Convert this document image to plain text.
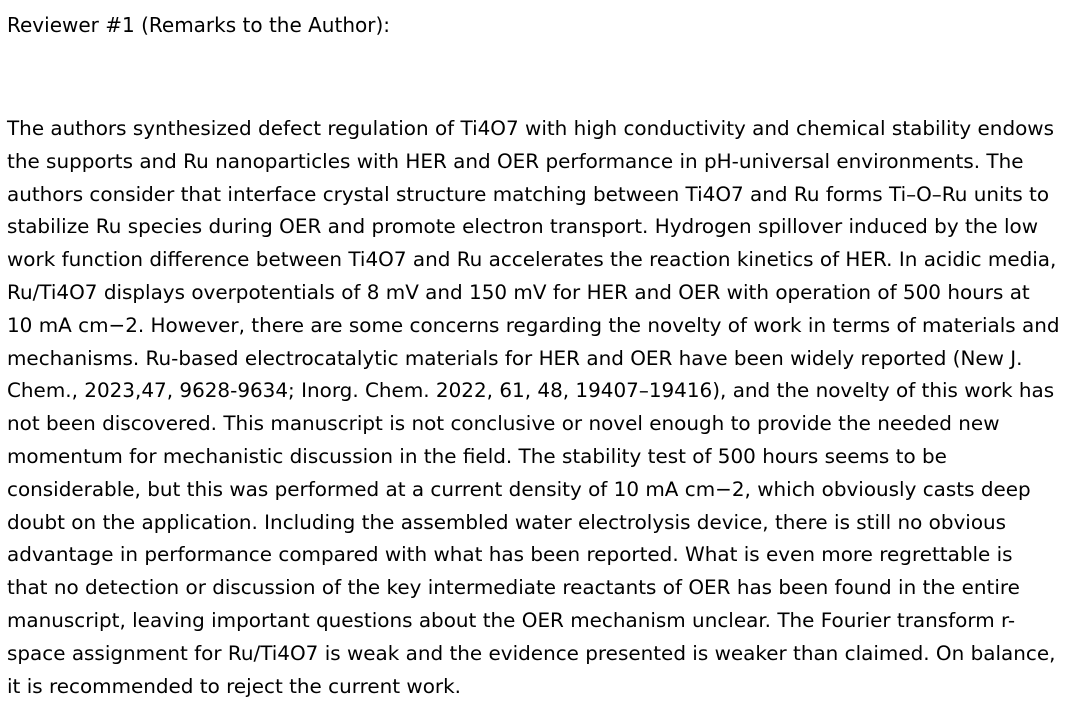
Reviewer #1 (Remarks to the Author):
The authors synthesized defect regulation of Ti4O7 with high conductivity and chemical stability endows
the supports and Ru nanoparticles with HER and OER performance in pH-universal environments. The
authors consider that interface crystal structure matching between Ti4O7 and Ru forms Ti–O–Ru units to
stabilize Ru species during OER and promote electron transport. Hydrogen spillover induced by the low
work function difference between Ti4O7 and Ru accelerates the reaction kinetics of HER. In acidic media,
Ru/Ti4O7 displays overpotentials of 8 mV and 150 mV for HER and OER with operation of 500 hours at
10 mA cm−2. However, there are some concerns regarding the novelty of work in terms of materials and
mechanisms. Ru-based electrocatalytic materials for HER and OER have been widely reported (New J.
Chem., 2023,47, 9628-9634; Inorg. Chem. 2022, 61, 48, 19407–19416), and the novelty of this work has
not been discovered. This manuscript is not conclusive or novel enough to provide the needed new
momentum for mechanistic discussion in the field. The stability test of 500 hours seems to be
considerable, but this was performed at a current density of 10 mA cm−2, which obviously casts deep
doubt on the application. Including the assembled water electrolysis device, there is still no obvious
advantage in performance compared with what has been reported. What is even more regrettable is
that no detection or discussion of the key intermediate reactants of OER has been found in the entire
manuscript, leaving important questions about the OER mechanism unclear. The Fourier transform r-
space assignment for Ru/Ti4O7 is weak and the evidence presented is weaker than claimed. On balance,
it is recommended to reject the current work.
